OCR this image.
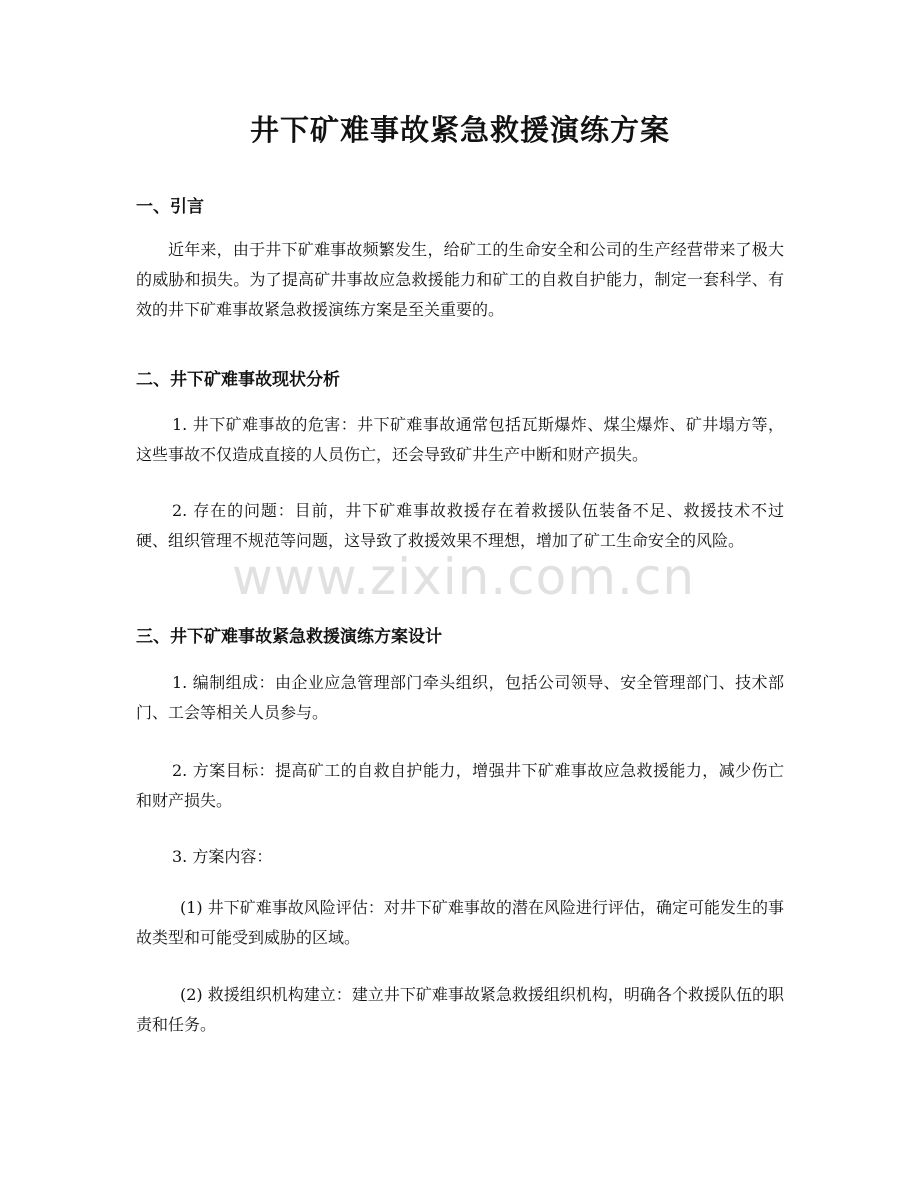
井下矿难事故紧急救援演练方案
一、引言

近年来，由于井下矿难事故频繁发生，给矿工的生命安全和公司的生产经营带来了极大的威胁和损失。为了提高矿井事故应急救援能力和矿工的自救自护能力，制定一套科学、有效的井下矿难事故紧急救援演练方案是至关重要的。

二、井下矿难事故现状分析

1. 井下矿难事故的危害：井下矿难事故通常包括瓦斯爆炸、煤尘爆炸、矿井塌方等，这些事故不仅造成直接的人员伤亡，还会导致矿井生产中断和财产损失。

2. 存在的问题：目前，井下矿难事故救援存在着救援队伍装备不足、救援技术不过硬、组织管理不规范等问题，这导致了救援效果不理想，增加了矿工生命安全的风险。

三、井下矿难事故紧急救援演练方案设计

1. 编制组成：由企业应急管理部门牵头组织，包括公司领导、安全管理部门、技术部门、工会等相关人员参与。

2. 方案目标：提高矿工的自救自护能力，增强井下矿难事故应急救援能力，减少伤亡和财产损失。

3. 方案内容：

(1) 井下矿难事故风险评估：对井下矿难事故的潜在风险进行评估，确定可能发生的事故类型和可能受到威胁的区域。

(2) 救援组织机构建立：建立井下矿难事故紧急救援组织机构，明确各个救援队伍的职责和任务。

www.zixin.com.cn
